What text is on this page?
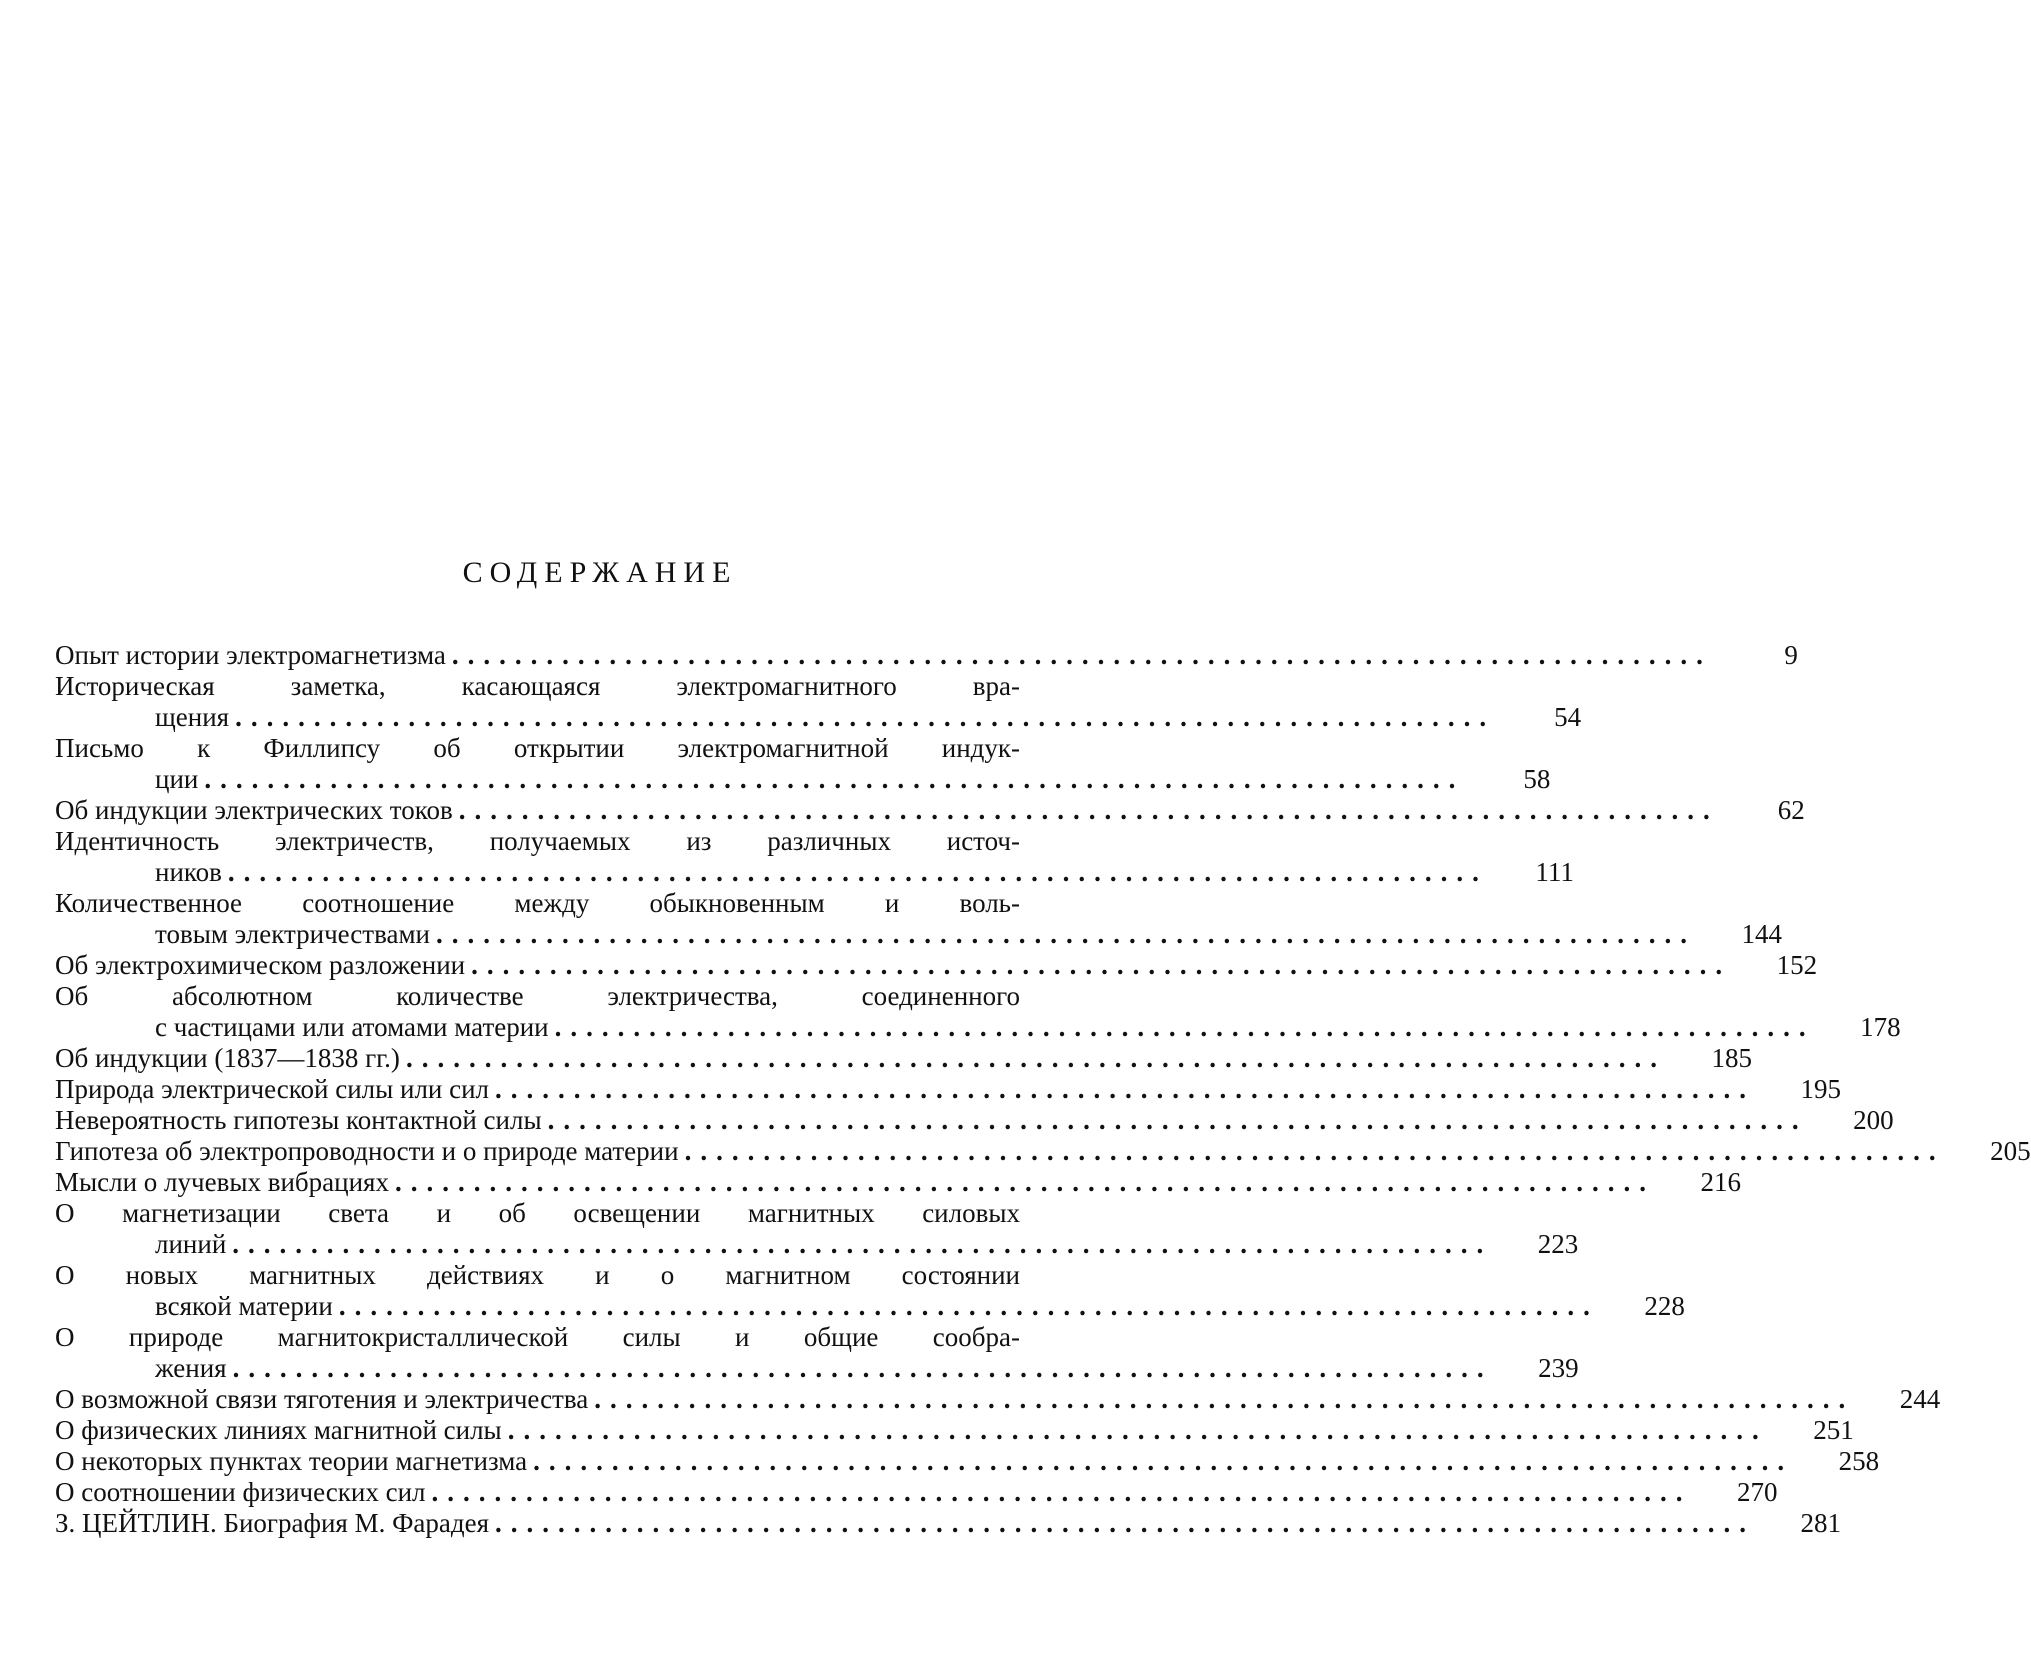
СОДЕРЖАНИЕ
Опыт истории электромагнетизма ................................................................................	9
Историческая заметка, касающаяся электромагнитного вра-
щения ................................................................................	54
Письмо к Филлипсу об открытии электромагнитной индук-
ции ................................................................................	58
Об индукции электрических токов ................................................................................	62
Идентичность электричеств, получаемых из различных источ-
ников ................................................................................	111
Количественное соотношение между обыкновенным и воль-
товым электричествами ................................................................................	144
Об электрохимическом разложении ................................................................................	152
Об абсолютном количестве электричества, соединенного
с частицами или атомами материи ................................................................................	178
Об индукции (1837—1838 гг.) ................................................................................	185
Природа электрической силы или сил ................................................................................	195
Невероятность гипотезы контактной силы ................................................................................	200
Гипотеза об электропроводности и о природе материи ................................................................................	205
Мысли о лучевых вибрациях ................................................................................	216
О магнетизации света и об освещении магнитных силовых
линий ................................................................................	223
О новых магнитных действиях и о магнитном состоянии
всякой материи ................................................................................	228
О природе магнитокристаллической силы и общие сообра-
жения ................................................................................	239
О возможной связи тяготения и электричества ................................................................................	244
О физических линиях магнитной силы ................................................................................	251
О некоторых пунктах теории магнетизма ................................................................................	258
О соотношении физических сил ................................................................................	270
З. ЦЕЙТЛИН. Биография М. Фарадея ................................................................................	281
